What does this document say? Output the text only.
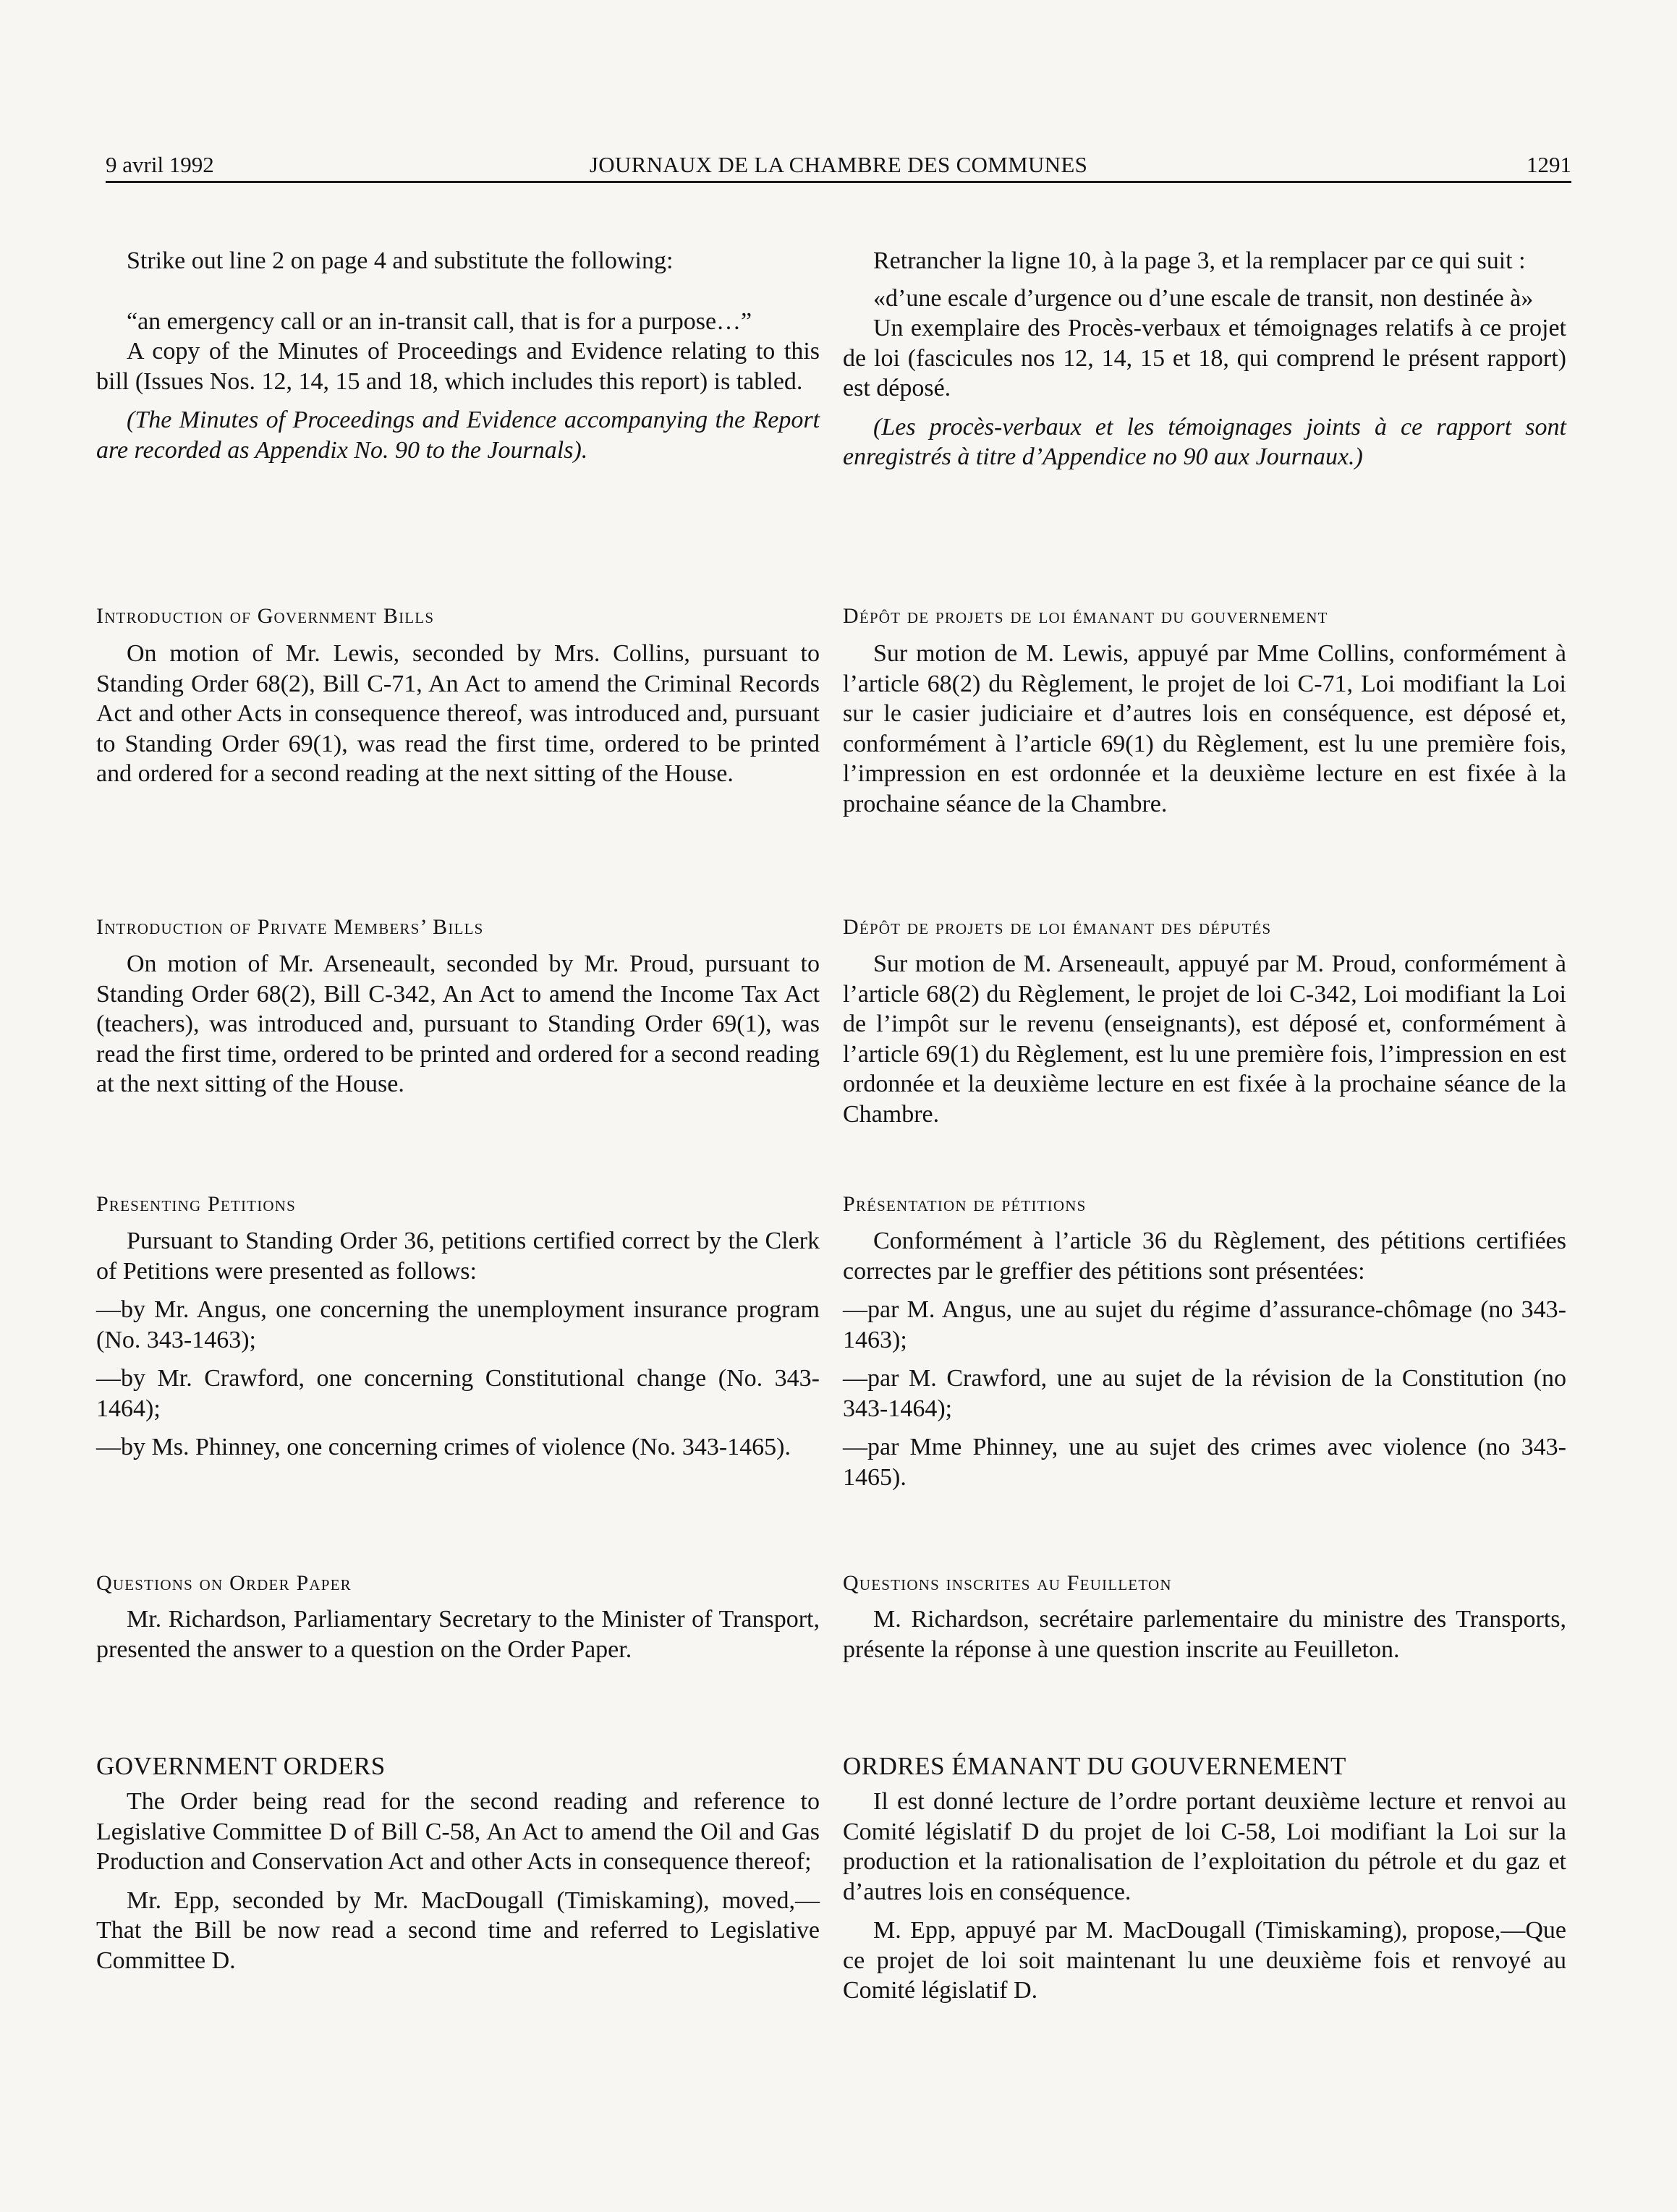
9 avril 1992	JOURNAUX DE LA CHAMBRE DES COMMUNES	1291

Strike out line 2 on page 4 and substitute the following:

“an emergency call or an in-transit call, that is for a purpose…”

A copy of the Minutes of Proceedings and Evidence relating to this bill (Issues Nos. 12, 14, 15 and 18, which includes this report) is tabled.

(The Minutes of Proceedings and Evidence accompanying the Report are recorded as Appendix No. 90 to the Journals).

Introduction of Government Bills

On motion of Mr. Lewis, seconded by Mrs. Collins, pursuant to Standing Order 68(2), Bill C-71, An Act to amend the Criminal Records Act and other Acts in consequence thereof, was introduced and, pursuant to Standing Order 69(1), was read the first time, ordered to be printed and ordered for a second reading at the next sitting of the House.

Introduction of Private Members’ Bills

On motion of Mr. Arseneault, seconded by Mr. Proud, pursuant to Standing Order 68(2), Bill C-342, An Act to amend the Income Tax Act (teachers), was introduced and, pursuant to Standing Order 69(1), was read the first time, ordered to be printed and ordered for a second reading at the next sitting of the House.

Presenting Petitions

Pursuant to Standing Order 36, petitions certified correct by the Clerk of Petitions were presented as follows:

—by Mr. Angus, one concerning the unemployment insurance program (No. 343-1463);

—by Mr. Crawford, one concerning Constitutional change (No. 343-1464);

—by Ms. Phinney, one concerning crimes of violence (No. 343-1465).

Questions on Order Paper

Mr. Richardson, Parliamentary Secretary to the Minister of Transport, presented the answer to a question on the Order Paper.

GOVERNMENT ORDERS

The Order being read for the second reading and reference to Legislative Committee D of Bill C-58, An Act to amend the Oil and Gas Production and Conservation Act and other Acts in consequence thereof;

Mr. Epp, seconded by Mr. MacDougall (Timiskaming), moved,—That the Bill be now read a second time and referred to Legislative Committee D.

Retrancher la ligne 10, à la page 3, et la remplacer par ce qui suit :

«d’une escale d’urgence ou d’une escale de transit, non destinée à»

Un exemplaire des Procès-verbaux et témoignages relatifs à ce projet de loi (fascicules nos 12, 14, 15 et 18, qui comprend le présent rapport) est déposé.

(Les procès-verbaux et les témoignages joints à ce rapport sont enregistrés à titre d’Appendice no 90 aux Journaux.)

Dépôt de projets de loi émanant du gouvernement

Sur motion de M. Lewis, appuyé par Mme Collins, conformément à l’article 68(2) du Règlement, le projet de loi C-71, Loi modifiant la Loi sur le casier judiciaire et d’autres lois en conséquence, est déposé et, conformément à l’article 69(1) du Règlement, est lu une première fois, l’impression en est ordonnée et la deuxième lecture en est fixée à la prochaine séance de la Chambre.

Dépôt de projets de loi émanant des députés

Sur motion de M. Arseneault, appuyé par M. Proud, conformément à l’article 68(2) du Règlement, le projet de loi C-342, Loi modifiant la Loi de l’impôt sur le revenu (enseignants), est déposé et, conformément à l’article 69(1) du Règlement, est lu une première fois, l’impression en est ordonnée et la deuxième lecture en est fixée à la prochaine séance de la Chambre.

Présentation de pétitions

Conformément à l’article 36 du Règlement, des pétitions certifiées correctes par le greffier des pétitions sont présentées:

—par M. Angus, une au sujet du régime d’assurance-chômage (no 343-1463);

—par M. Crawford, une au sujet de la révision de la Constitution (no 343-1464);

—par Mme Phinney, une au sujet des crimes avec violence (no 343-1465).

Questions inscrites au Feuilleton

M. Richardson, secrétaire parlementaire du ministre des Transports, présente la réponse à une question inscrite au Feuilleton.

ORDRES ÉMANANT DU GOUVERNEMENT

Il est donné lecture de l’ordre portant deuxième lecture et renvoi au Comité législatif D du projet de loi C-58, Loi modifiant la Loi sur la production et la rationalisation de l’exploitation du pétrole et du gaz et d’autres lois en conséquence.

M. Epp, appuyé par M. MacDougall (Timiskaming), propose,—Que ce projet de loi soit maintenant lu une deuxième fois et renvoyé au Comité législatif D.
